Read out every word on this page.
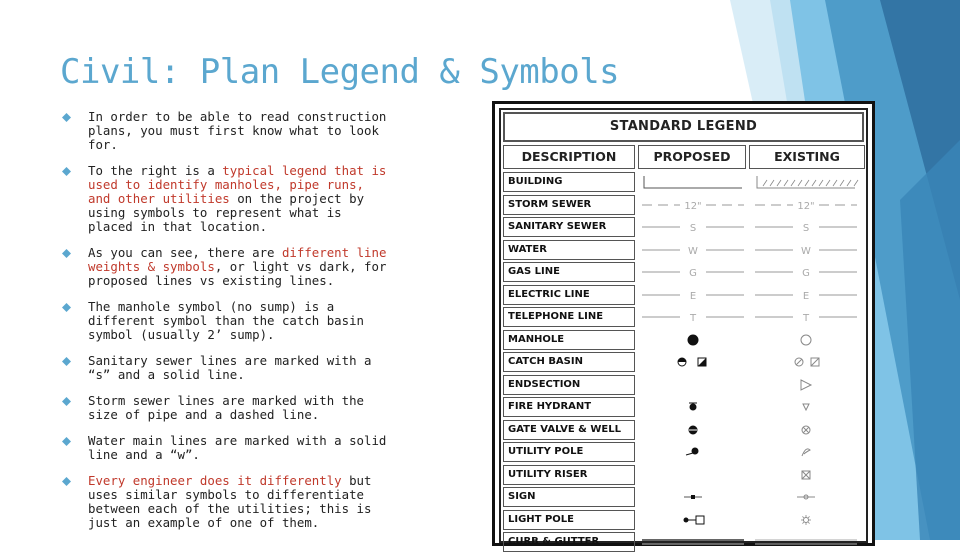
Civil: Plan Legend & Symbols
In order to be able to read construction plans, you must first know what to look for.
To the right is a typical legend that is used to identify manholes, pipe runs, and other utilities on the project by using symbols to represent what is placed in that location.
As you can see, there are different line weights & symbols, or light vs dark, for proposed lines vs existing lines.
The manhole symbol (no sump) is a different symbol than the catch basin symbol (usually 2’ sump).
Sanitary sewer lines are marked with a “s” and a solid line.
Storm sewer lines are marked with the size of pipe and a dashed line.
Water main lines are marked with a solid line and a “w”.
Every engineer does it differently but uses similar symbols to differentiate between each of the utilities; this is just an example of one of them.
STANDARD LEGEND
DESCRIPTION	PROPOSED	EXISTING
BUILDING
STORM SEWER	12"	12"
SANITARY SEWER	S	S
WATER	W	W
GAS LINE	G	G
ELECTRIC LINE	E	E
TELEPHONE LINE	T	T
MANHOLE
CATCH BASIN
ENDSECTION
FIRE HYDRANT
GATE VALVE & WELL
UTILITY POLE
UTILITY RISER
SIGN
LIGHT POLE
CURB & GUTTER
